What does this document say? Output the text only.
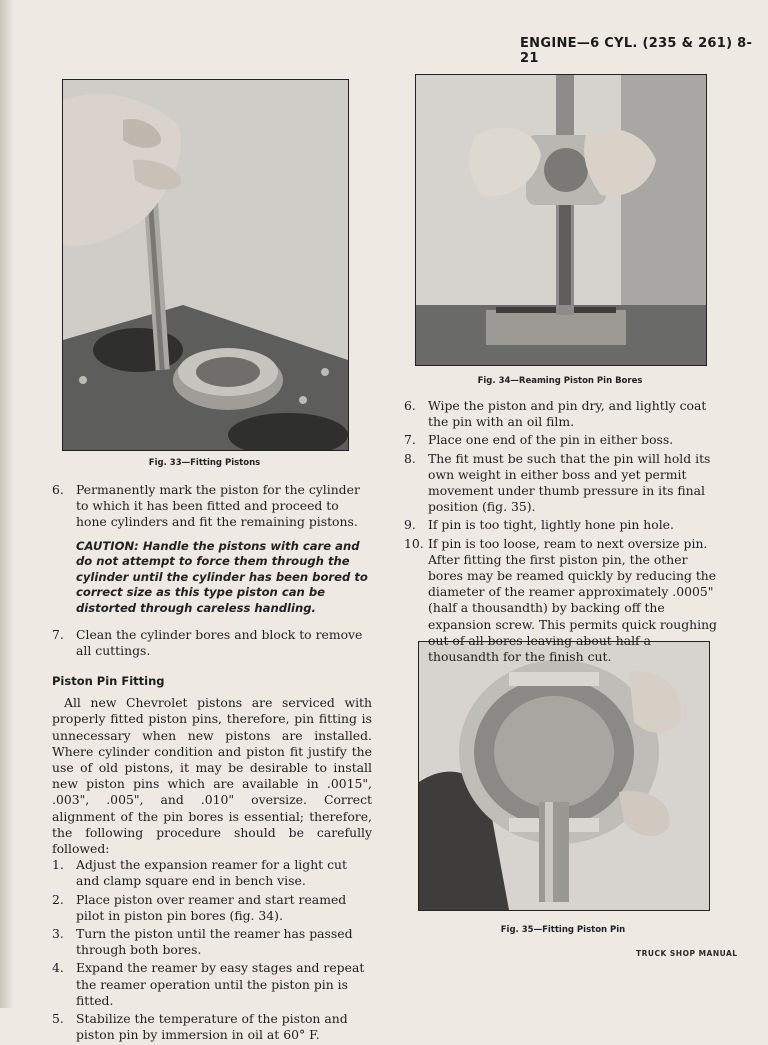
ENGINE—6 CYL. (235 & 261) 8-21
Fig. 33—Fitting Pistons
Fig. 34—Reaming Piston Pin Bores
Fig. 35—Fitting Piston Pin
6. Permanently mark the piston for the cylinder to which it has been fitted and proceed to hone cylinders and fit the remaining pistons.
CAUTION: Handle the pistons with care and do not attempt to force them through the cylinder until the cylinder has been bored to correct size as this type piston can be distorted through careless handling.
7. Clean the cylinder bores and block to remove all cuttings.
Piston Pin Fitting

All new Chevrolet pistons are serviced with properly fitted piston pins, therefore, pin fitting is unnecessary when new pistons are installed. Where cylinder condition and piston fit justify the use of old pistons, it may be desirable to install new piston pins which are available in .0015", .003", .005", and .010" oversize. Correct alignment of the pin bores is essential; therefore, the following procedure should be carefully followed:

1. Adjust the expansion reamer for a light cut and clamp square end in bench vise.
2. Place piston over reamer and start reamed pilot in piston pin bores (fig. 34).
3. Turn the piston until the reamer has passed through both bores.
4. Expand the reamer by easy stages and repeat the reamer operation until the piston pin is fitted.
5. Stabilize the temperature of the piston and piston pin by immersion in oil at 60° F.
6. Wipe the piston and pin dry, and lightly coat the pin with an oil film.
7. Place one end of the pin in either boss.
8. The fit must be such that the pin will hold its own weight in either boss and yet permit movement under thumb pressure in its final position (fig. 35).
9. If pin is too tight, lightly hone pin hole.
10. If pin is too loose, ream to next oversize pin. After fitting the first piston pin, the other bores may be reamed quickly by reducing the diameter of the reamer approximately .0005" (half a thousandth) by backing off the expansion screw. This permits quick roughing out of all bores leaving about half a thousandth for the finish cut.
TRUCK SHOP MANUAL
